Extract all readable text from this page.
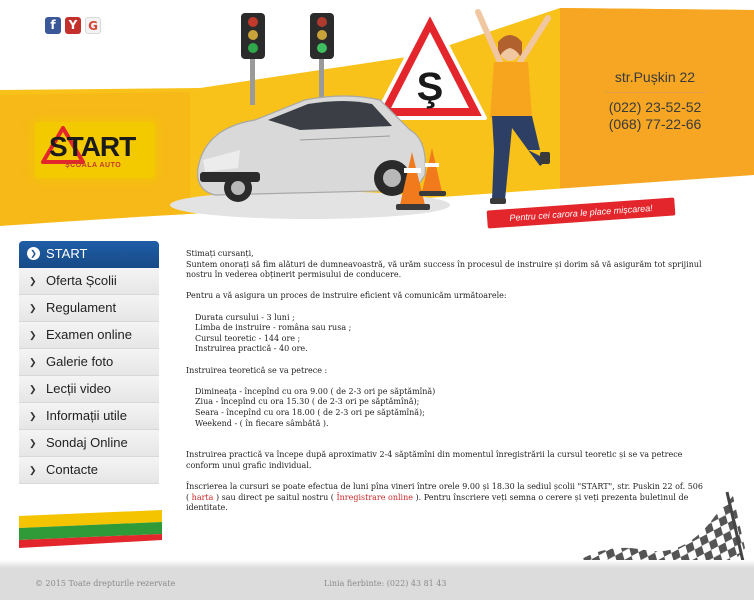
Ş
f	Y G
START
ȘCOALA AUTO
str.Pușkin 22
(022) 23-52-52
(068) 77-22-66
Pentru cei carora le place mișcarea!
❯ START
❯ Oferta Școlii
❯ Regulament
❯ Examen online
❯ Galerie foto
❯ Lecții video
❯ Informații utile
❯ Sondaj Online
❯ Contacte

Stimați cursanți,

Suntem onorați să fim alături de dumneavoastră, vă urăm success în procesul de instruire și dorim să vă asigurăm tot sprijinul nostru în vederea obținerit permisului de conducere.

Pentru a vă asigura un proces de instruire eficient vă comunicăm următoarele:

Durata cursului - 3 luni ;

Limba de instruire - româna sau rusa ;

Cursul teoretic - 144 ore ;

Instruirea practică - 40 ore.

Instruirea teoretică se va petrece :

Dimineața - începînd cu ora 9.00 ( de 2-3 ori pe săptămînă)

Ziua - începînd cu ora 15.30 ( de 2-3 ori pe săptămînă);

Seara - începînd cu ora 18.00 ( de 2-3 ori pe săptămînă);

Weekend - ( în fiecare sâmbătă ).

Instruirea practică va începe după aproximativ 2-4 săptămîni din momentul înregistrării la cursul teoretic și se va petrece conform unui grafic individual.

Înscrierea la cursuri se poate efectua de luni pîna vineri între orele 9.00 și 18.30 la sediul școlii "START", str. Puskin 22 of. 506 ( harta ) sau direct pe saitul nostru ( Înregistrare online ). Pentru înscriere veți semna o cerere și veți prezenta buletinul de identitate.

© 2015 Toate drepturile rezervate	Linia fierbinte: (022) 43 81 43
